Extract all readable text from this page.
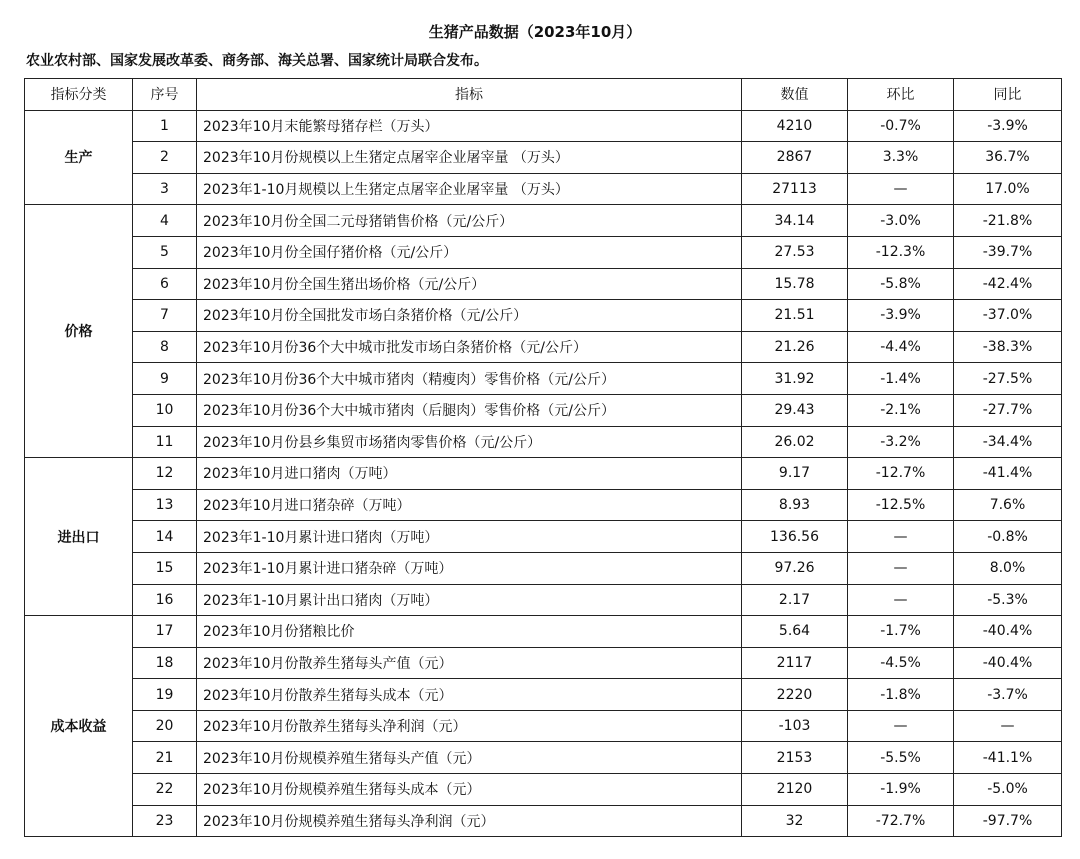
生猪产品数据（2023年10月）
农业农村部、国家发展改革委、商务部、海关总署、国家统计局联合发布。
指标分类	序号	指标	数值	环比	同比
生产	1	2023年10月末能繁母猪存栏（万头）	4210	-0.7%	-3.9%
	2	2023年10月份规模以上生猪定点屠宰企业屠宰量 （万头）	2867	3.3%	36.7%
	3	2023年1-10月规模以上生猪定点屠宰企业屠宰量 （万头）	27113	—	17.0%
价格	4	2023年10月份全国二元母猪销售价格（元/公斤）	34.14	-3.0%	-21.8%
	5	2023年10月份全国仔猪价格（元/公斤）	27.53	-12.3%	-39.7%
	6	2023年10月份全国生猪出场价格（元/公斤）	15.78	-5.8%	-42.4%
	7	2023年10月份全国批发市场白条猪价格（元/公斤）	21.51	-3.9%	-37.0%
	8	2023年10月份36个大中城市批发市场白条猪价格（元/公斤）	21.26	-4.4%	-38.3%
	9	2023年10月份36个大中城市猪肉（精瘦肉）零售价格（元/公斤）	31.92	-1.4%	-27.5%
	10	2023年10月份36个大中城市猪肉（后腿肉）零售价格（元/公斤）	29.43	-2.1%	-27.7%
	11	2023年10月份县乡集贸市场猪肉零售价格（元/公斤）	26.02	-3.2%	-34.4%
进出口	12	2023年10月进口猪肉（万吨）	9.17	-12.7%	-41.4%
	13	2023年10月进口猪杂碎（万吨）	8.93	-12.5%	7.6%
	14	2023年1-10月累计进口猪肉（万吨）	136.56	—	-0.8%
	15	2023年1-10月累计进口猪杂碎（万吨）	97.26	—	8.0%
	16	2023年1-10月累计出口猪肉（万吨）	2.17	—	-5.3%
成本收益	17	2023年10月份猪粮比价	5.64	-1.7%	-40.4%
	18	2023年10月份散养生猪每头产值（元）	2117	-4.5%	-40.4%
	19	2023年10月份散养生猪每头成本（元）	2220	-1.8%	-3.7%
	20	2023年10月份散养生猪每头净利润（元）	-103	—	—
	21	2023年10月份规模养殖生猪每头产值（元）	2153	-5.5%	-41.1%
	22	2023年10月份规模养殖生猪每头成本（元）	2120	-1.9%	-5.0%
	23	2023年10月份规模养殖生猪每头净利润（元）	32	-72.7%	-97.7%
